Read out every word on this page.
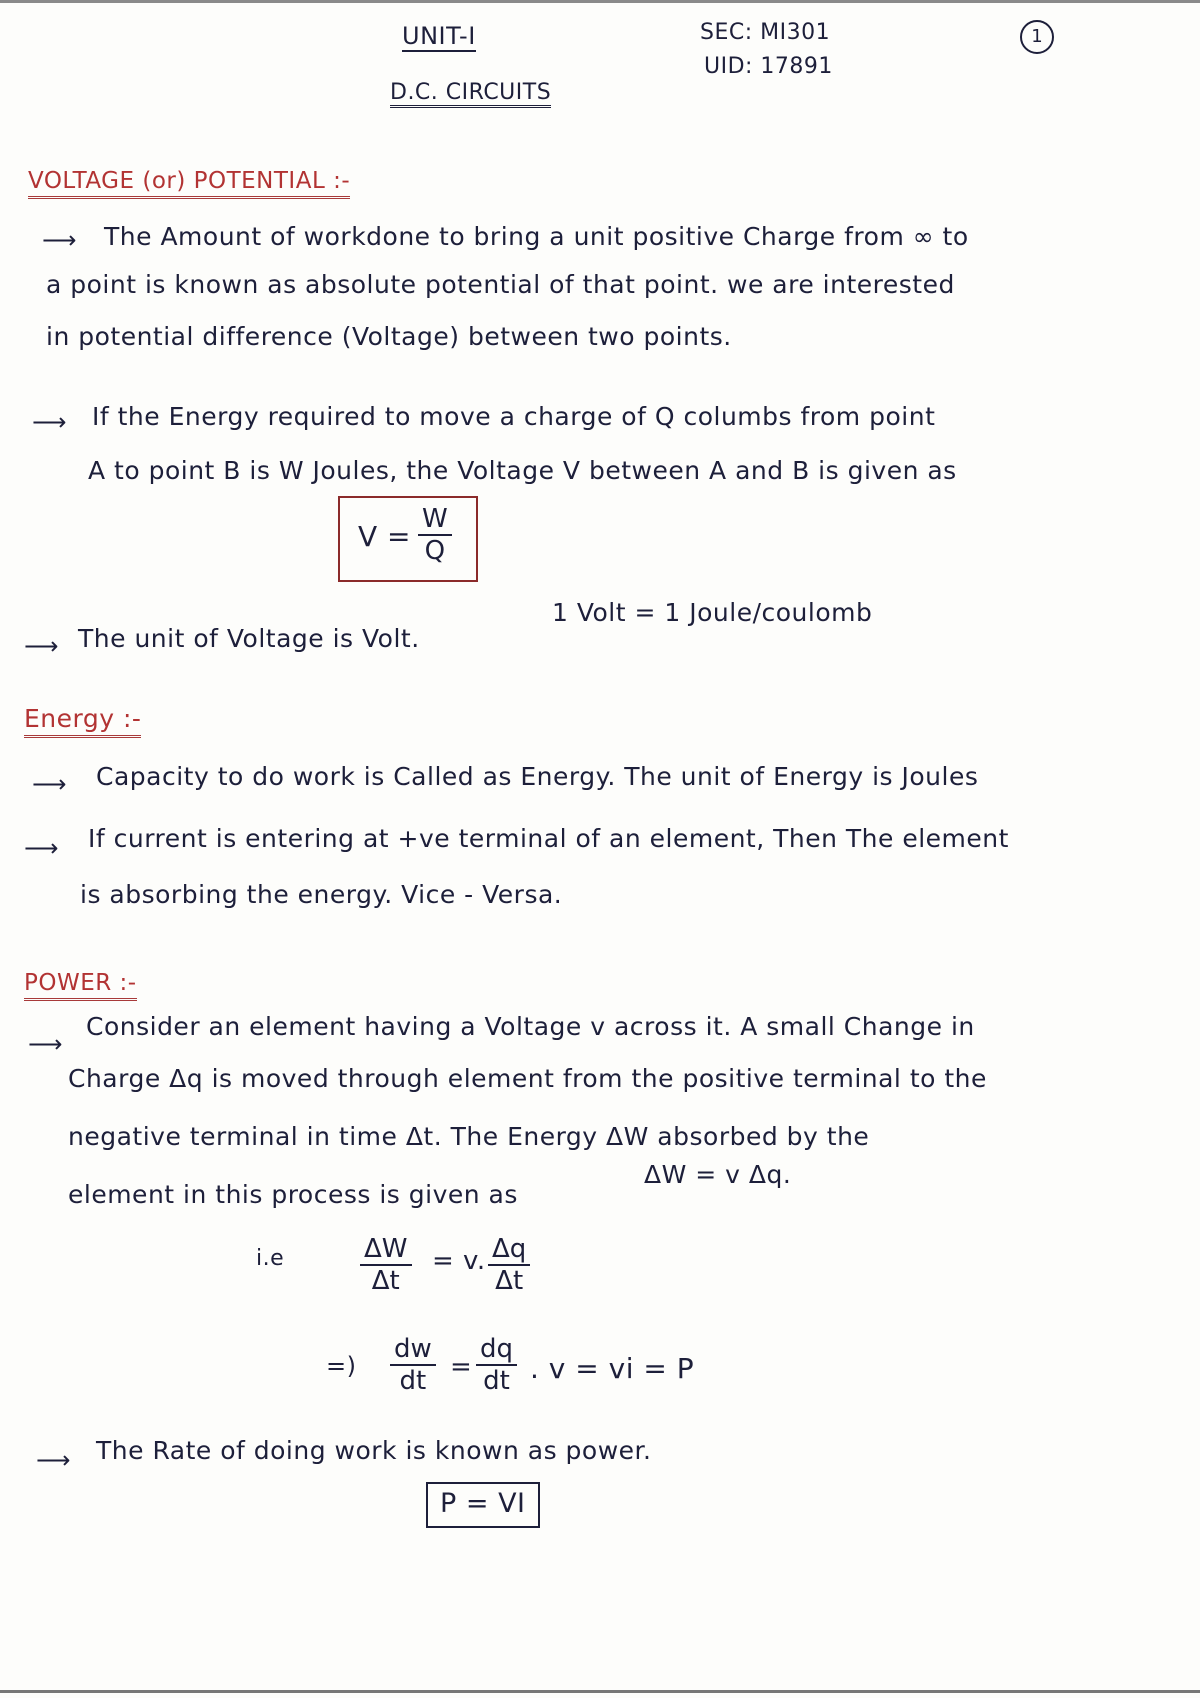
UNIT-I
D.C. CIRCUITS
SEC: MI301
UID: 17891
1
VOLTAGE (or) POTENTIAL :-
⟶ The Amount of workdone to bring a unit positive Charge from ∞ to
a point is known as absolute potential of that point. we are interested
in potential difference (Voltage) between two points.
⟶ If the Energy required to move a charge of Q columbs from point
A to point B is W Joules, the Voltage V between A and B is given as
$V = \frac{W}{Q}$
⟶ The unit of Voltage is Volt.
1 Volt = 1 Joule/coulomb
Energy :-
⟶ Capacity to do work is Called as Energy. The unit of Energy is Joules
⟶ If current is entering at +ve terminal of an element, Then The element
is absorbing the energy. Vice - Versa.
POWER :-
⟶
Consider an element having a Voltage v across it. A small Change in
Charge Δq is moved through element from the positive terminal to the
negative terminal in time Δt. The Energy ΔW absorbed by the
element in this process is given as
ΔW = v Δq.
i.e	$\frac{\Delta W}{\Delta t} = v$. $\frac{\Delta q}{\Delta t}$
=) $\frac{dw}{dt} = \frac{dq}{dt}$ . v = vi = P
⟶ The Rate of doing work is known as power.
P = VI
